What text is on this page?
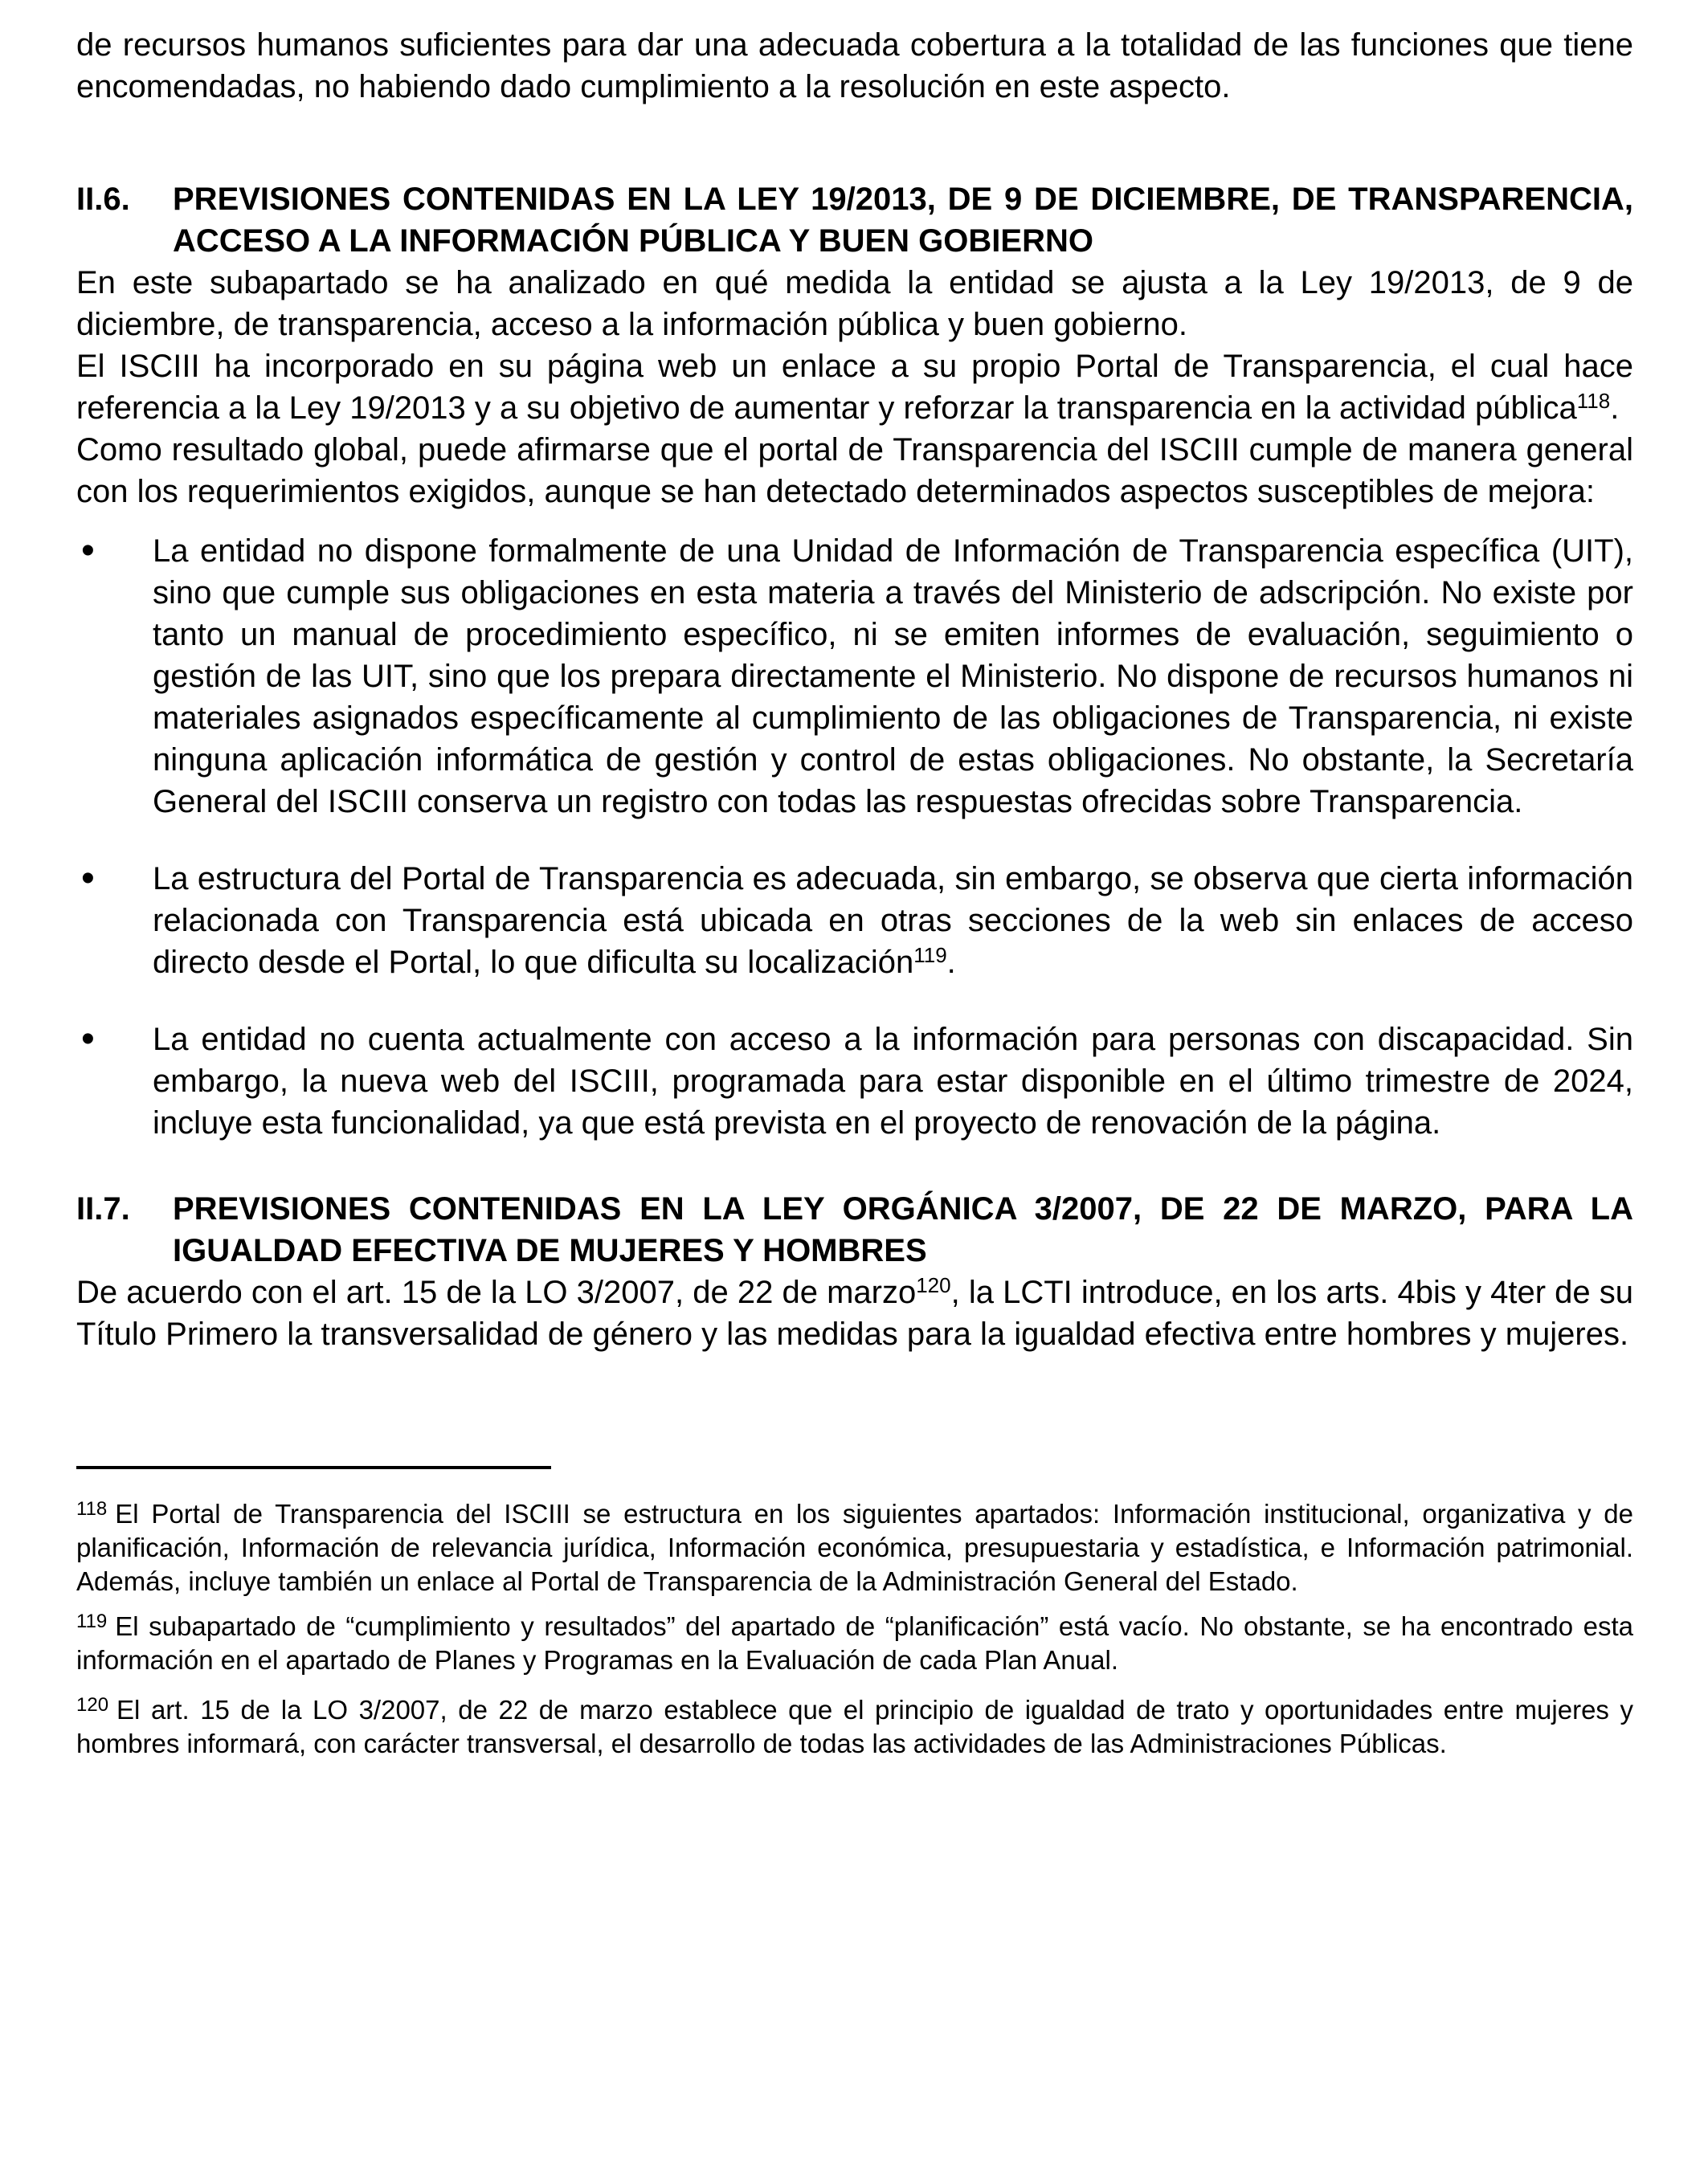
de recursos humanos suficientes para dar una adecuada cobertura a la totalidad de las funciones que tiene encomendadas, no habiendo dado cumplimiento a la resolución en este aspecto.

II.6. PREVISIONES CONTENIDAS EN LA LEY 19/2013, DE 9 DE DICIEMBRE, DE TRANSPARENCIA, ACCESO A LA INFORMACIÓN PÚBLICA Y BUEN GOBIERNO

En este subapartado se ha analizado en qué medida la entidad se ajusta a la Ley 19/2013, de 9 de diciembre, de transparencia, acceso a la información pública y buen gobierno.

El ISCIII ha incorporado en su página web un enlace a su propio Portal de Transparencia, el cual hace referencia a la Ley 19/2013 y a su objetivo de aumentar y reforzar la transparencia en la actividad pública$^{118}$.

Como resultado global, puede afirmarse que el portal de Transparencia del ISCIII cumple de manera general con los requerimientos exigidos, aunque se han detectado determinados aspectos susceptibles de mejora:

• La entidad no dispone formalmente de una Unidad de Información de Transparencia específica (UIT), sino que cumple sus obligaciones en esta materia a través del Ministerio de adscripción. No existe por tanto un manual de procedimiento específico, ni se emiten informes de evaluación, seguimiento o gestión de las UIT, sino que los prepara directamente el Ministerio. No dispone de recursos humanos ni materiales asignados específicamente al cumplimiento de las obligaciones de Transparencia, ni existe ninguna aplicación informática de gestión y control de estas obligaciones. No obstante, la Secretaría General del ISCIII conserva un registro con todas las respuestas ofrecidas sobre Transparencia.
• La estructura del Portal de Transparencia es adecuada, sin embargo, se observa que cierta información relacionada con Transparencia está ubicada en otras secciones de la web sin enlaces de acceso directo desde el Portal, lo que dificulta su localización$^{119}$.
• La entidad no cuenta actualmente con acceso a la información para personas con discapacidad. Sin embargo, la nueva web del ISCIII, programada para estar disponible en el último trimestre de 2024, incluye esta funcionalidad, ya que está prevista en el proyecto de renovación de la página.
II.7. PREVISIONES CONTENIDAS EN LA LEY ORGÁNICA 3/2007, DE 22 DE MARZO, PARA LA IGUALDAD EFECTIVA DE MUJERES Y HOMBRES

De acuerdo con el art. 15 de la LO 3/2007, de 22 de marzo$^{120}$, la LCTI introduce, en los arts. 4bis y 4ter de su Título Primero la transversalidad de género y las medidas para la igualdad efectiva entre hombres y mujeres.

$^{118}$ El Portal de Transparencia del ISCIII se estructura en los siguientes apartados: Información institucional, organizativa y de planificación, Información de relevancia jurídica, Información económica, presupuestaria y estadística, e Información patrimonial. Además, incluye también un enlace al Portal de Transparencia de la Administración General del Estado.

$^{119}$ El subapartado de “cumplimiento y resultados” del apartado de “planificación” está vacío. No obstante, se ha encontrado esta información en el apartado de Planes y Programas en la Evaluación de cada Plan Anual.

$^{120}$ El art. 15 de la LO 3/2007, de 22 de marzo establece que el principio de igualdad de trato y oportunidades entre mujeres y hombres informará, con carácter transversal, el desarrollo de todas las actividades de las Administraciones Públicas.
